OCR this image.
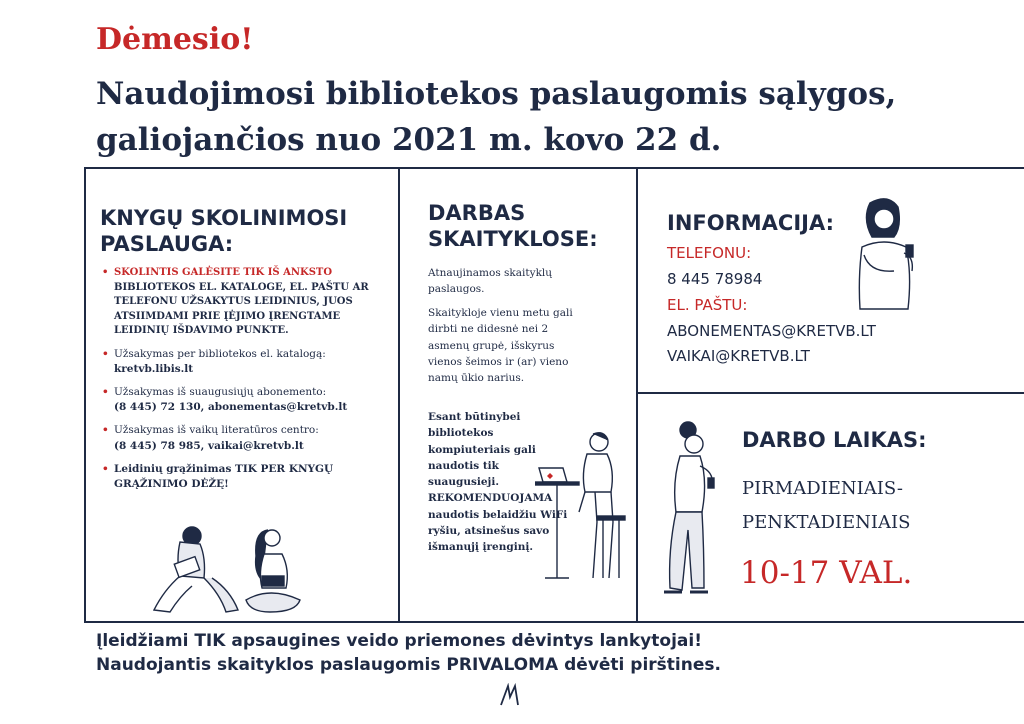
Dėmesio!
Naudojimosi bibliotekos paslaugomis sąlygos,
galiojančios nuo 2021 m. kovo 22 d.
KNYGŲ SKOLINIMOSI PASLAUGA:
• SKOLINTIS GALĖSITE TIK IŠ ANKSTO BIBLIOTEKOS EL. KATALOGE, EL. PAŠTU AR TELEFONU UŽSAKYTUS LEIDINIUS, JUOS ATSIIMDAMI PRIE ĮĖJIMO ĮRENGTAME LEIDINIŲ IŠDAVIMO PUNKTE.
• Užsakymas per bibliotekos el. katalogą:
kretvb.libis.lt
• Užsakymas iš suaugusiųjų abonemento:
(8 445) 72 130, abonementas@kretvb.lt
• Užsakymas iš vaikų literatūros centro:
(8 445) 78 985, vaikai@kretvb.lt
• Leidinių grąžinimas TIK PER KNYGŲ GRĄŽINIMO DĖŽĘ!
DARBAS SKAITYKLOSE:
Atnaujinamos skaityklų paslaugos.
Skaitykloje vienu metu gali dirbti ne didesnė nei 2 asmenų grupė, išskyrus vienos šeimos ir (ar) vieno namų ūkio narius.
Esant būtinybei bibliotekos kompiuteriais gali naudotis tik suaugusieji. REKOMENDUOJAMA naudotis belaidžiu WiFi ryšiu, atsinešus savo išmanųjį įrenginį.
INFORMACIJA:
TELEFONU:
8 445 78984
EL. PAŠTU:
ABONEMENTAS@KRETVB.LT
VAIKAI@KRETVB.LT
DARBO LAIKAS:
PIRMADIENIAIS-
PENKTADIENIAIS
10-17 VAL.
Įleidžiami TIK apsaugines veido priemones dėvintys lankytojai!
Naudojantis skaityklos paslaugomis PRIVALOMA dėvėti pirštines.
